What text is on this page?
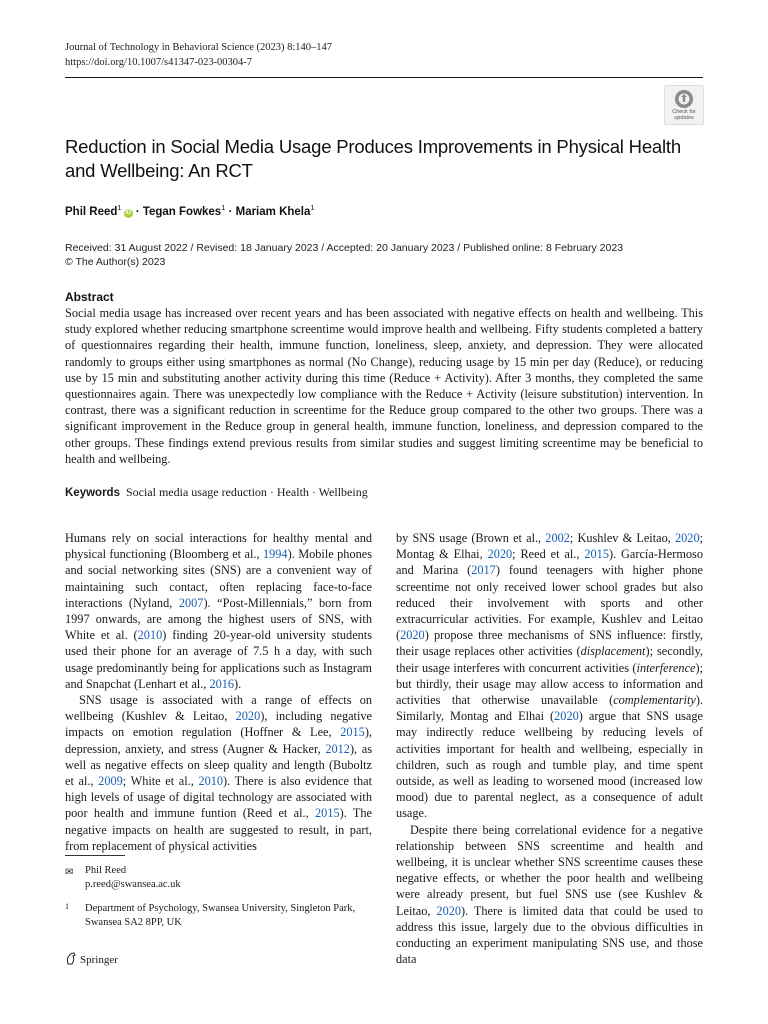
Journal of Technology in Behavioral Science (2023) 8:140–147
https://doi.org/10.1007/s41347-023-00304-7
Check for
updates
Reduction in Social Media Usage Produces Improvements in Physical Health and Wellbeing: An RCT
Phil Reed$^1$iD · Tegan Fowkes$^1$ · Mariam Khela$^1$
Received: 31 August 2022 / Revised: 18 January 2023 / Accepted: 20 January 2023 / Published online: 8 February 2023
© The Author(s) 2023
Abstract

Social media usage has increased over recent years and has been associated with negative effects on health and wellbeing. This study explored whether reducing smartphone screentime would improve health and wellbeing. Fifty students completed a battery of questionnaires regarding their health, immune function, loneliness, sleep, anxiety, and depression. They were allocated randomly to groups either using smartphones as normal (No Change), reducing usage by 15 min per day (Reduce), or reducing use by 15 min and substituting another activity during this time (Reduce + Activity). After 3 months, they completed the same questionnaires again. There was unexpectedly low compliance with the Reduce + Activity (leisure substitution) intervention. In contrast, there was a significant reduction in screentime for the Reduce group compared to the other two groups. There was a significant improvement in the Reduce group in general health, immune function, loneliness, and depression compared to the other groups. These findings extend previous results from similar studies and suggest limiting screentime may be beneficial to health and wellbeing.

Keywords Social media usage reduction · Health · Wellbeing

Humans rely on social interactions for healthy mental and physical functioning (Bloomberg et al., 1994). Mobile phones and social networking sites (SNS) are a convenient way of maintaining such contact, often replacing face-to-face interactions (Nyland, 2007). “Post-Millennials,” born from 1997 onwards, are among the highest users of SNS, with White et al. (2010) finding 20-year-old university students used their phone for an average of 7.5 h a day, with such usage predominantly being for applications such as Instagram and Snapchat (Lenhart et al., 2016).

SNS usage is associated with a range of effects on wellbeing (Kushlev & Leitao, 2020), including negative impacts on emotion regulation (Hoffner & Lee, 2015), depression, anxiety, and stress (Augner & Hacker, 2012), as well as negative effects on sleep quality and length (Buboltz et al., 2009; White et al., 2010). There is also evidence that high levels of usage of digital technology are associated with poor health and immune funtion (Reed et al., 2015). The negative impacts on health are suggested to result, in part, from replacement of physical activities

by SNS usage (Brown et al., 2002; Kushlev & Leitao, 2020; Montag & Elhai, 2020; Reed et al., 2015). García-Hermoso and Marina (2017) found teenagers with higher phone screentime not only received lower school grades but also reduced their involvement with sports and other extracurricular activities. For example, Kushlev and Leitao (2020) propose three mechanisms of SNS influence: firstly, their usage replaces other activities (displacement); secondly, their usage interferes with concurrent activities (interference); but thirdly, their usage may allow access to information and activities that otherwise unavailable (complementarity). Similarly, Montag and Elhai (2020) argue that SNS usage may indirectly reduce wellbeing by reducing levels of activities important for health and wellbeing, especially in children, such as rough and tumble play, and time spent outside, as well as leading to worsened mood (increased low mood) due to parental neglect, as a consequence of adult usage.

Despite there being correlational evidence for a negative relationship between SNS screentime and health and wellbeing, it is unclear whether SNS screentime causes these negative effects, or whether the poor health and wellbeing were already present, but fuel SNS use (see Kushlev & Leitao, 2020). There is limited data that could be used to address this issue, largely due to the obvious difficulties in conducting an experiment manipulating SNS use, and those data

✉ Phil Reed
p.reed@swansea.ac.uk
1 Department of Psychology, Swansea University, Singleton Park, Swansea SA2 8PP, UK
Springer
